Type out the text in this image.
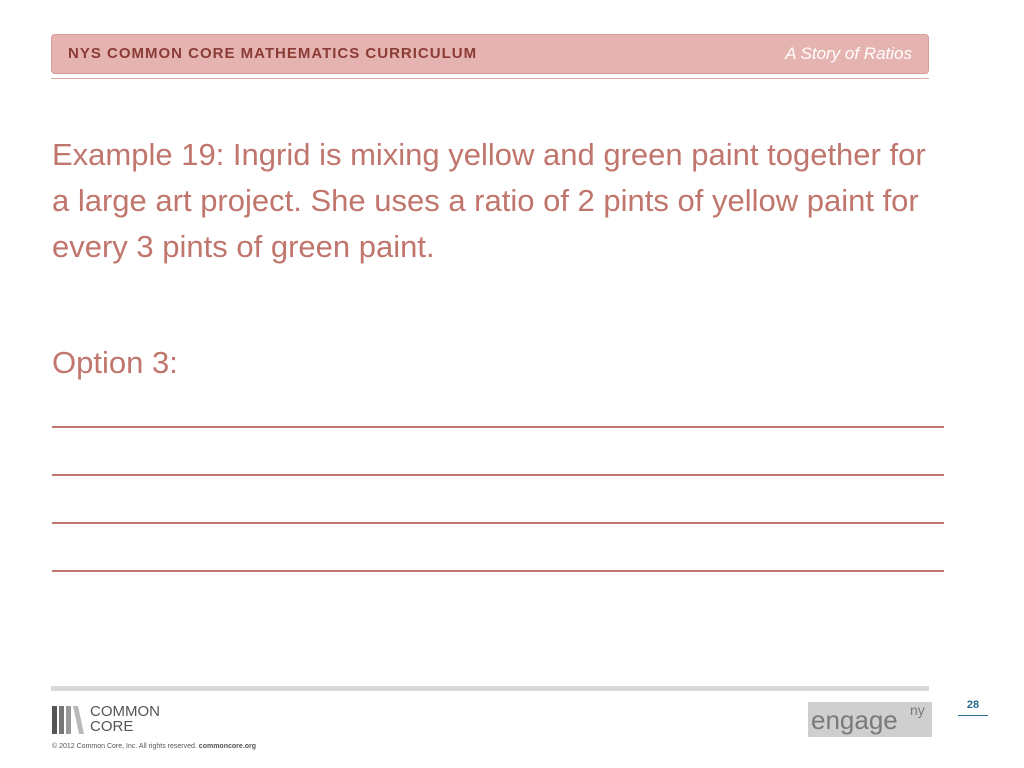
NYS COMMON CORE MATHEMATICS CURRICULUM	A Story of Ratios

Example 19: Ingrid is mixing yellow and green paint together for a large art project. She uses a ratio of 2 pints of yellow paint for every 3 pints of green paint.

Option 3:
COMMON
CORE
© 2012 Common Core, Inc. All rights reserved. commoncore.org
engage ny	28
